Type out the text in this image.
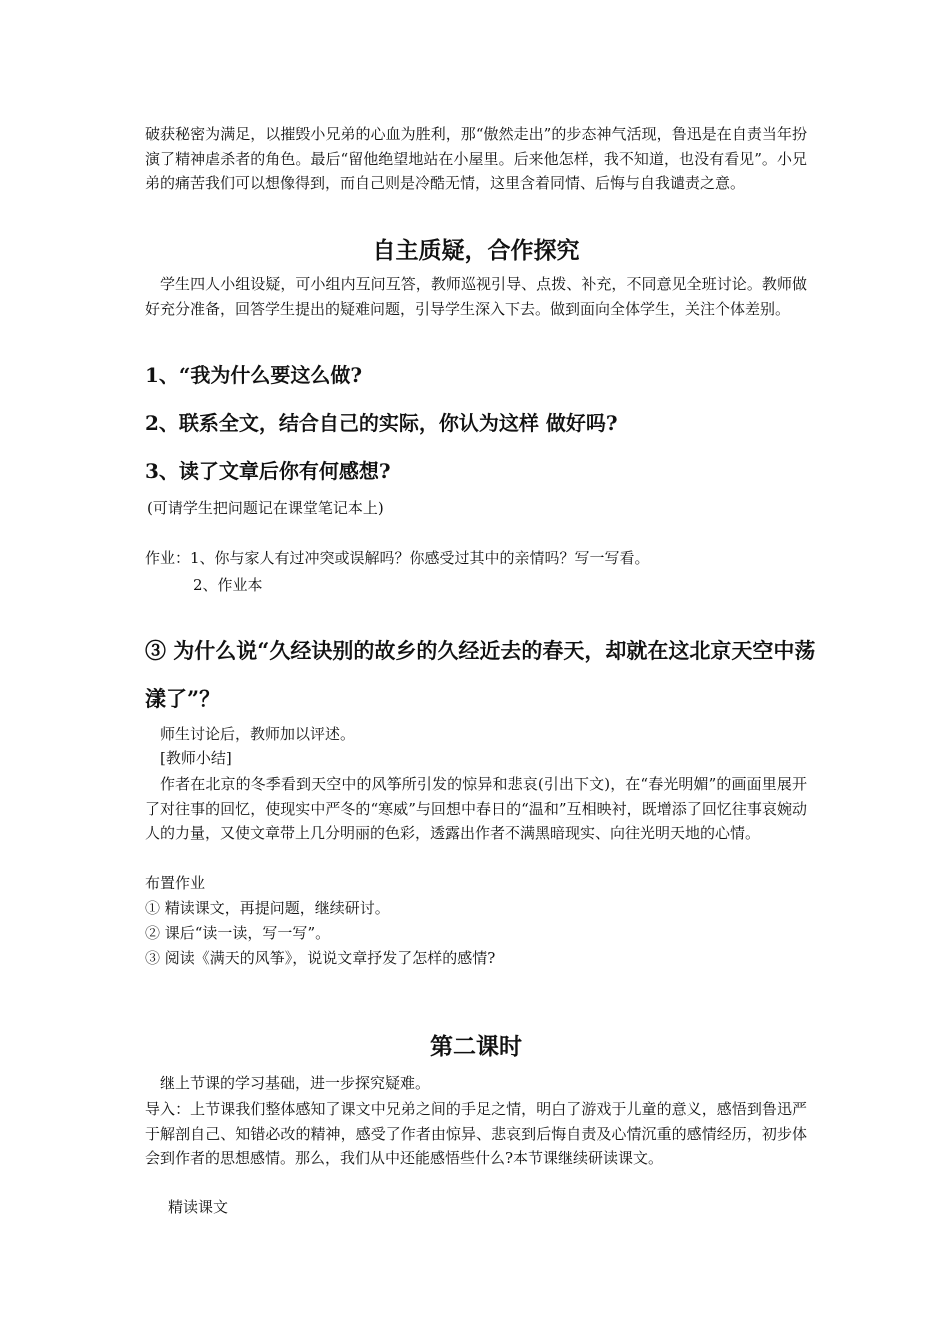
破获秘密为满足，以摧毁小兄弟的心血为胜利，那“傲然走出”的步态神气活现，鲁迅是在自责当年扮演了精神虐杀者的角色。最后“留他绝望地站在小屋里。后来他怎样，我不知道，也没有看见”。小兄弟的痛苦我们可以想像得到，而自己则是冷酷无情，这里含着同情、后悔与自我谴责之意。

自主质疑，合作探究

学生四人小组设疑，可小组内互问互答，教师巡视引导、点拨、补充，不同意见全班讨论。教师做好充分准备，回答学生提出的疑难问题，引导学生深入下去。做到面向全体学生，关注个体差别。

1、“我为什么要这么做?

2、联系全文，结合自己的实际，你认为这样 做好吗?

3、读了文章后你有何感想?

(可请学生把问题记在课堂笔记本上)

作业：1、你与家人有过冲突或误解吗？你感受过其中的亲情吗？写一写看。

2、作业本

③ 为什么说“久经诀别的故乡的久经近去的春天，却就在这北京天空中荡漾了”？

师生讨论后，教师加以评述。

[教师小结]

作者在北京的冬季看到天空中的风筝所引发的惊异和悲哀(引出下文)，在“春光明媚”的画面里展开了对往事的回忆，使现实中严冬的“寒威”与回想中春日的“温和”互相映衬，既增添了回忆往事哀婉动人的力量，又使文章带上几分明丽的色彩，透露出作者不满黑暗现实、向往光明天地的心情。

布置作业

① 精读课文，再提问题，继续研讨。

② 课后“读一读，写一写”。

③ 阅读《满天的风筝》，说说文章抒发了怎样的感情?

第二课时

继上节课的学习基础，进一步探究疑难。

导入：上节课我们整体感知了课文中兄弟之间的手足之情，明白了游戏于儿童的意义，感悟到鲁迅严于解剖自己、知错必改的精神，感受了作者由惊异、悲哀到后悔自责及心情沉重的感情经历，初步体会到作者的思想感情。那么，我们从中还能感悟些什么?本节课继续研读课文。

精读课文
